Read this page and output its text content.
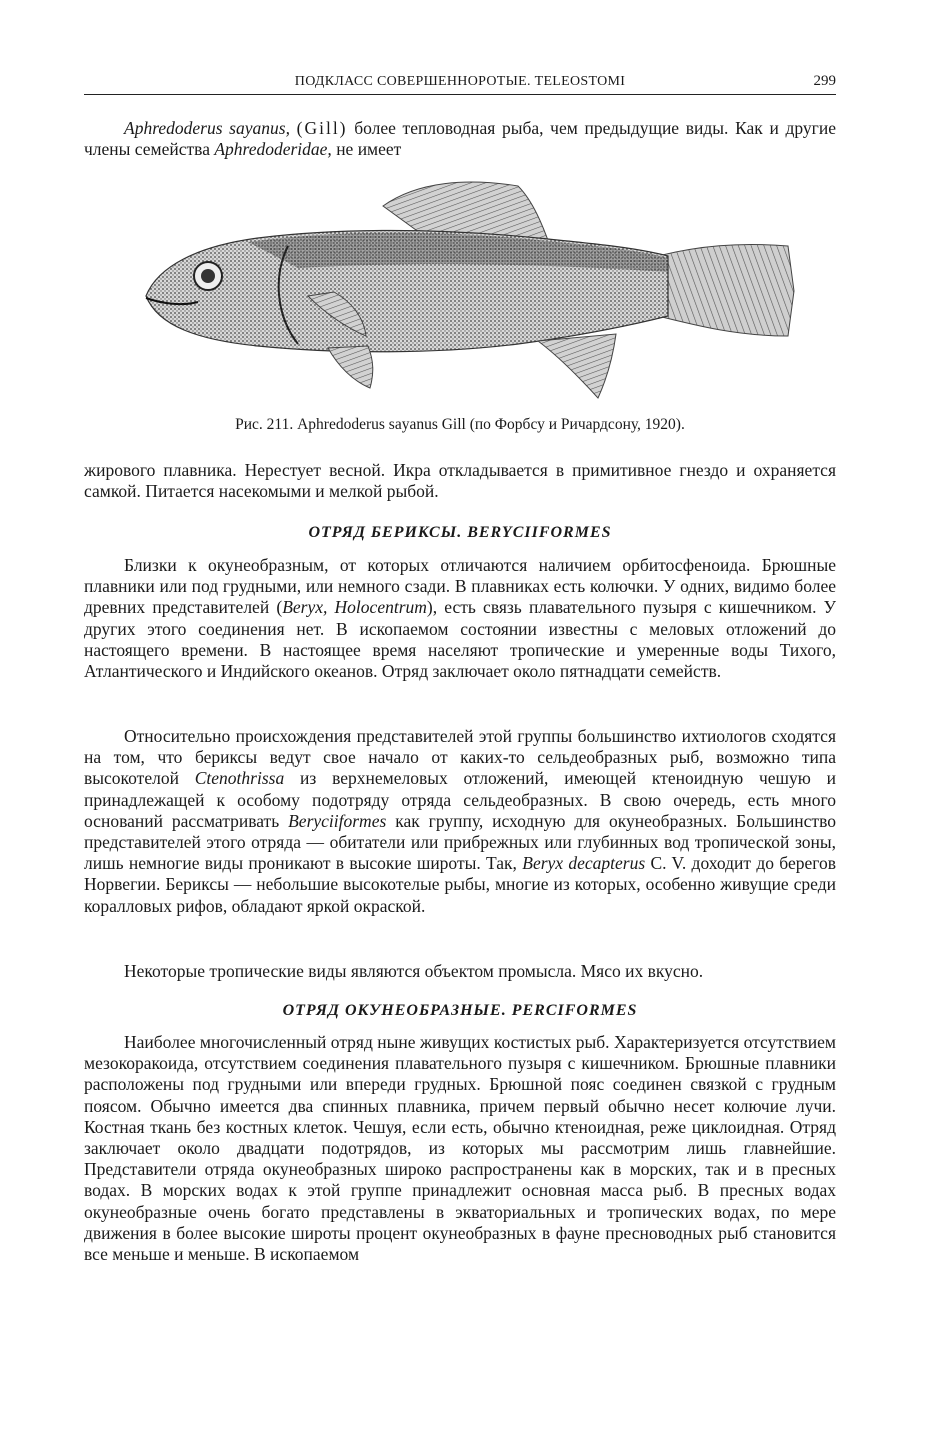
ПОДКЛАСС СОВЕРШЕННОРОТЫЕ. TELEOSTOMI	299

Aphredoderus sayanus, (Gill) более тепловодная рыба, чем предыдущие виды. Как и другие члены семейства Aphredoderidae, не имеет

Рис. 211. Aphredoderus sayanus Gill (по Форбсу и Ричардсону, 1920).

жирового плавника. Нерестует весной. Икра откладывается в примитивное гнездо и охраняется самкой. Питается насекомыми и мелкой рыбой.

ОТРЯД БЕРИКСЫ. BERYCIIFORMES

Близки к окунеобразным, от которых отличаются наличием орбитосфеноида. Брюшные плавники или под грудными, или немного сзади. В плавниках есть колючки. У одних, видимо более древних представителей (Beryx, Holocentrum), есть связь плавательного пузыря с кишечником. У других этого соединения нет. В ископаемом состоянии известны с меловых отложений до настоящего времени. В настоящее время населяют тропические и умеренные воды Тихого, Атлантического и Индийского океанов. Отряд заключает около пятнадцати семейств.

Относительно происхождения представителей этой группы большинство ихтиологов сходятся на том, что бериксы ведут свое начало от каких-то сельдеобразных рыб, возможно типа высокотелой Ctenothrissa из верхнемеловых отложений, имеющей ктеноидную чешую и принадлежащей к особому подотряду отряда сельдеобразных. В свою очередь, есть много оснований рассматривать Beryciiformes как группу, исходную для окунеобразных. Большинство представителей этого отряда — обитатели или прибрежных или глубинных вод тропической зоны, лишь немногие виды проникают в высокие широты. Так, Beryx decapterus C. V. доходит до берегов Норвегии. Бериксы — небольшие высокотелые рыбы, многие из которых, особенно живущие среди коралловых рифов, обладают яркой окраской.

Некоторые тропические виды являются объектом промысла. Мясо их вкусно.

ОТРЯД ОКУНЕОБРАЗНЫЕ. PERCIFORMES

Наиболее многочисленный отряд ныне живущих костистых рыб. Характеризуется отсутствием мезокоракоида, отсутствием соединения плавательного пузыря с кишечником. Брюшные плавники расположены под грудными или впереди грудных. Брюшной пояс соединен связкой с грудным поясом. Обычно имеется два спинных плавника, причем первый обычно несет колючие лучи. Костная ткань без костных клеток. Чешуя, если есть, обычно ктеноидная, реже циклоидная. Отряд заключает около двадцати подотрядов, из которых мы рассмотрим лишь главнейшие. Представители отряда окунеобразных широко распространены как в морских, так и в пресных водах. В морских водах к этой группе принадлежит основная масса рыб. В пресных водах окунеобразные очень богато представлены в экваториальных и тропических водах, по мере движения в более высокие широты процент окунеобразных в фауне пресноводных рыб становится все меньше и меньше. В ископаемом
